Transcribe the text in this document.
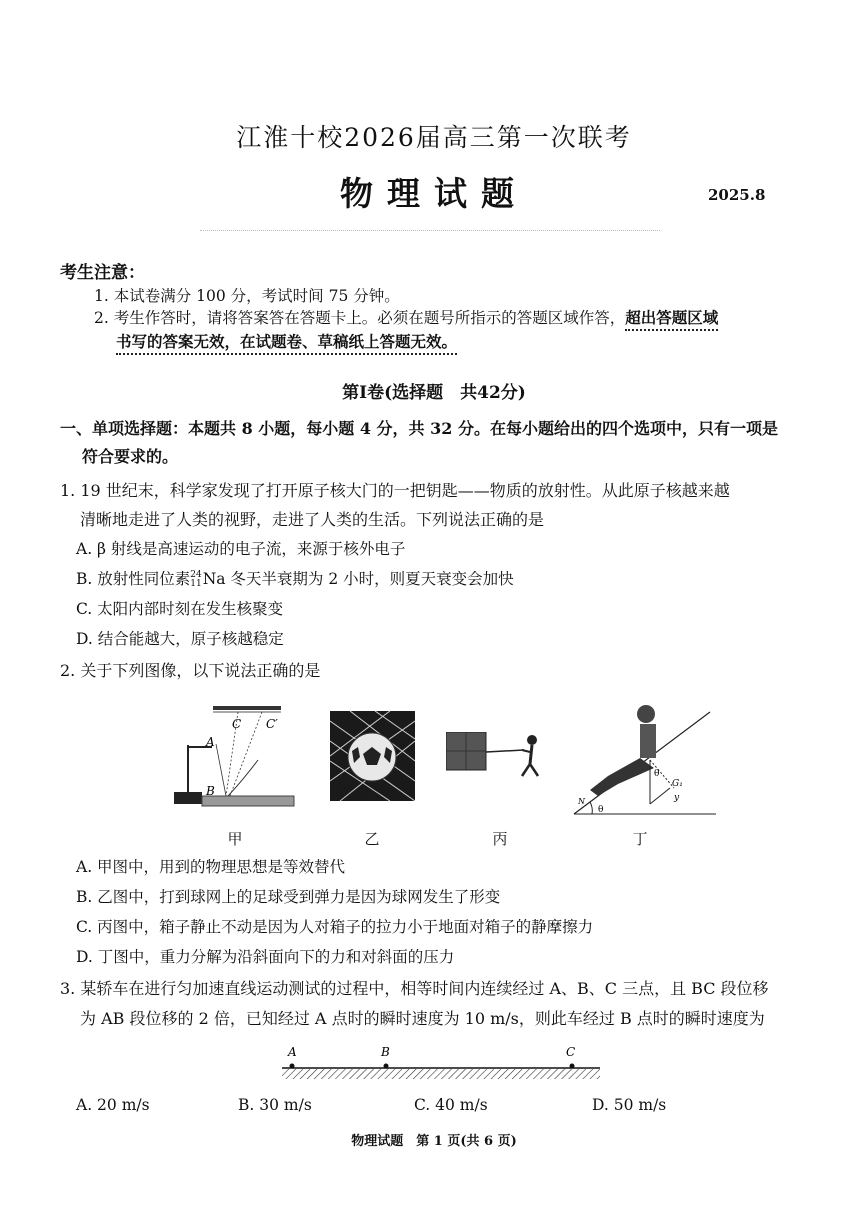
江淮十校2026届高三第一次联考
物理试题	2025.8
考生注意：
1. 本试卷满分 100 分，考试时间 75 分钟。
2. 考生作答时，请将答案答在答题卡上。必须在题号所指示的答题区域作答，超出答题区域
书写的答案无效，在试题卷、草稿纸上答题无效。
第Ⅰ卷(选择题　共42分)
一、单项选择题：本题共 8 小题，每小题 4 分，共 32 分。在每小题给出的四个选项中，只有一项是
符合要求的。
1. 19 世纪末，科学家发现了打开原子核大门的一把钥匙——物质的放射性。从此原子核越来越
清晰地走进了人类的视野，走进了人类的生活。下列说法正确的是
A. β 射线是高速运动的电子流，来源于核外电子
B. 放射性同位素 24
11 Na 冬天半衰期为 2 小时，则夏天衰变会加快
C. 太阳内部时刻在发生核聚变
D. 结合能越大，原子核越稳定
2. 关于下列图像，以下说法正确的是
A
B
C C′
N
θ
θ
G₁
y
G
甲	乙	丙	丁
A. 甲图中，用到的物理思想是等效替代
B. 乙图中，打到球网上的足球受到弹力是因为球网发生了形变
C. 丙图中，箱子静止不动是因为人对箱子的拉力小于地面对箱子的静摩擦力
D. 丁图中，重力分解为沿斜面向下的力和对斜面的压力
3. 某轿车在进行匀加速直线运动测试的过程中，相等时间内连续经过 A、B、C 三点，且 BC 段位移
为 AB 段位移的 2 倍，已知经过 A 点时的瞬时速度为 10 m/s，则此车经过 B 点时的瞬时速度为
A	B	C
A. 20 m/s	B. 30 m/s	C. 40 m/s	D. 50 m/s
物理试题　第 1 页(共 6 页)
